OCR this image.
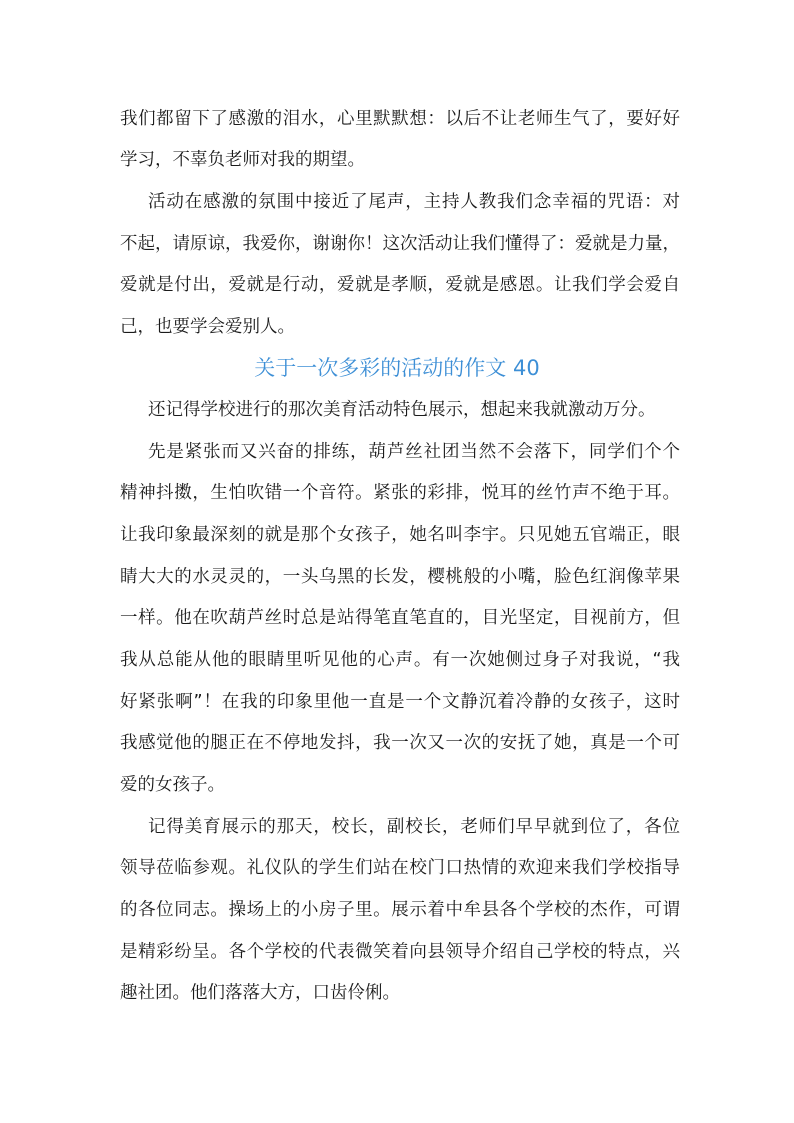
我们都留下了感激的泪水，心里默默想：以后不让老师生气了，要好好
学习，不辜负老师对我的期望。
活动在感激的氛围中接近了尾声，主持人教我们念幸福的咒语：对
不起，请原谅，我爱你，谢谢你！这次活动让我们懂得了：爱就是力量，
爱就是付出，爱就是行动，爱就是孝顺，爱就是感恩。让我们学会爱自
己，也要学会爱别人。
关于一次多彩的活动的作文 40
还记得学校进行的那次美育活动特色展示，想起来我就激动万分。
先是紧张而又兴奋的排练，葫芦丝社团当然不会落下，同学们个个
精神抖擞，生怕吹错一个音符。紧张的彩排，悦耳的丝竹声不绝于耳。
让我印象最深刻的就是那个女孩子，她名叫李宇。只见她五官端正，眼
睛大大的水灵灵的，一头乌黑的长发，樱桃般的小嘴，脸色红润像苹果
一样。他在吹葫芦丝时总是站得笔直笔直的，目光坚定，目视前方，但
我从总能从他的眼睛里听见他的心声。有一次她侧过身子对我说，“我
好紧张啊”！在我的印象里他一直是一个文静沉着冷静的女孩子，这时
我感觉他的腿正在不停地发抖，我一次又一次的安抚了她，真是一个可
爱的女孩子。
记得美育展示的那天，校长，副校长，老师们早早就到位了，各位
领导莅临参观。礼仪队的学生们站在校门口热情的欢迎来我们学校指导
的各位同志。操场上的小房子里。展示着中牟县各个学校的杰作，可谓
是精彩纷呈。各个学校的代表微笑着向县领导介绍自己学校的特点，兴
趣社团。他们落落大方，口齿伶俐。
